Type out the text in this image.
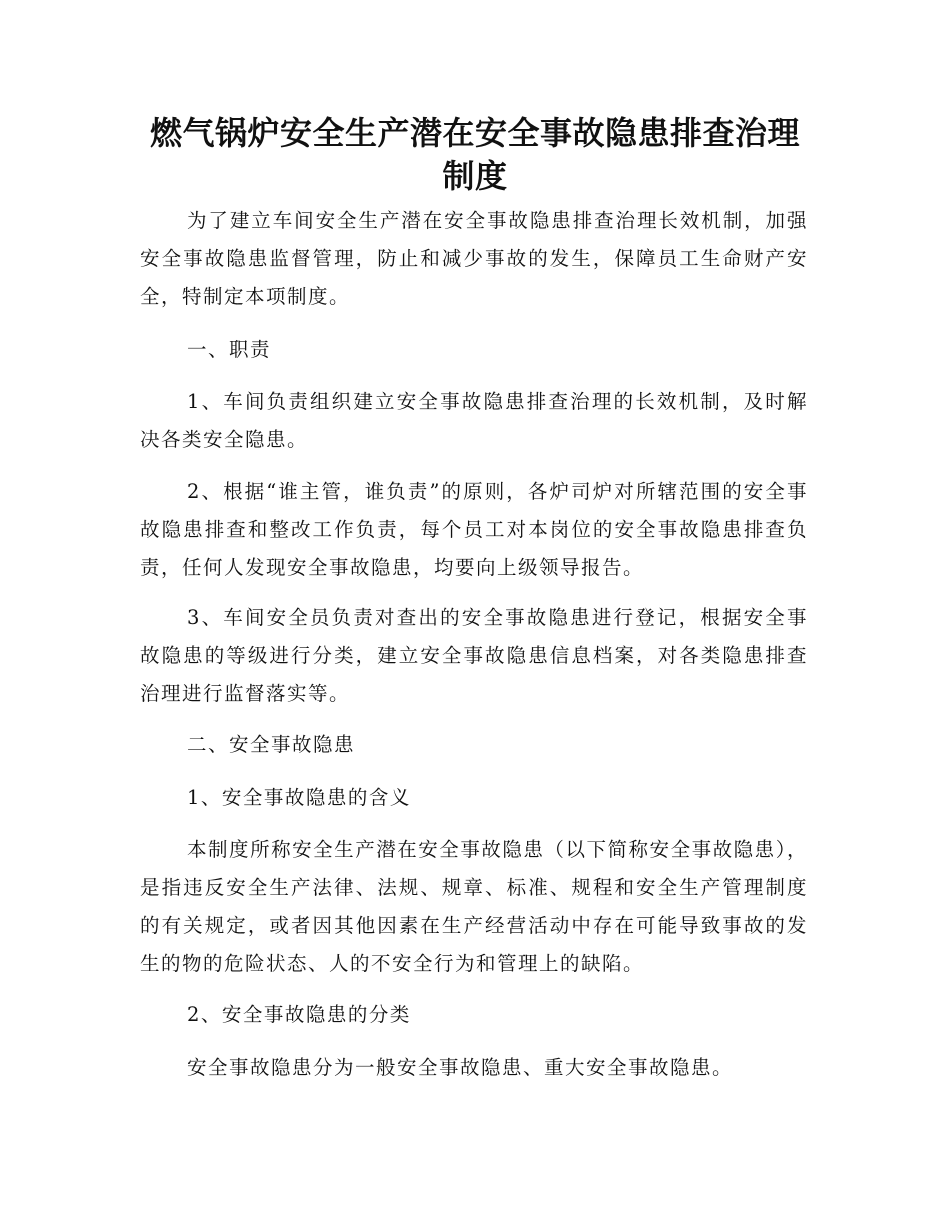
燃气锅炉安全生产潜在安全事故隐患排查治理制度

为了建立车间安全生产潜在安全事故隐患排查治理长效机制，加强安全事故隐患监督管理，防止和减少事故的发生，保障员工生命财产安全，特制定本项制度。

一、职责

1、车间负责组织建立安全事故隐患排查治理的长效机制，及时解决各类安全隐患。

2、根据“谁主管，谁负责”的原则，各炉司炉对所辖范围的安全事故隐患排查和整改工作负责，每个员工对本岗位的安全事故隐患排查负责，任何人发现安全事故隐患，均要向上级领导报告。

3、车间安全员负责对查出的安全事故隐患进行登记，根据安全事故隐患的等级进行分类，建立安全事故隐患信息档案，对各类隐患排查治理进行监督落实等。

二、安全事故隐患

1、安全事故隐患的含义

本制度所称安全生产潜在安全事故隐患（以下简称安全事故隐患），是指违反安全生产法律、法规、规章、标准、规程和安全生产管理制度的有关规定，或者因其他因素在生产经营活动中存在可能导致事故的发生的物的危险状态、人的不安全行为和管理上的缺陷。

2、安全事故隐患的分类

安全事故隐患分为一般安全事故隐患、重大安全事故隐患。
